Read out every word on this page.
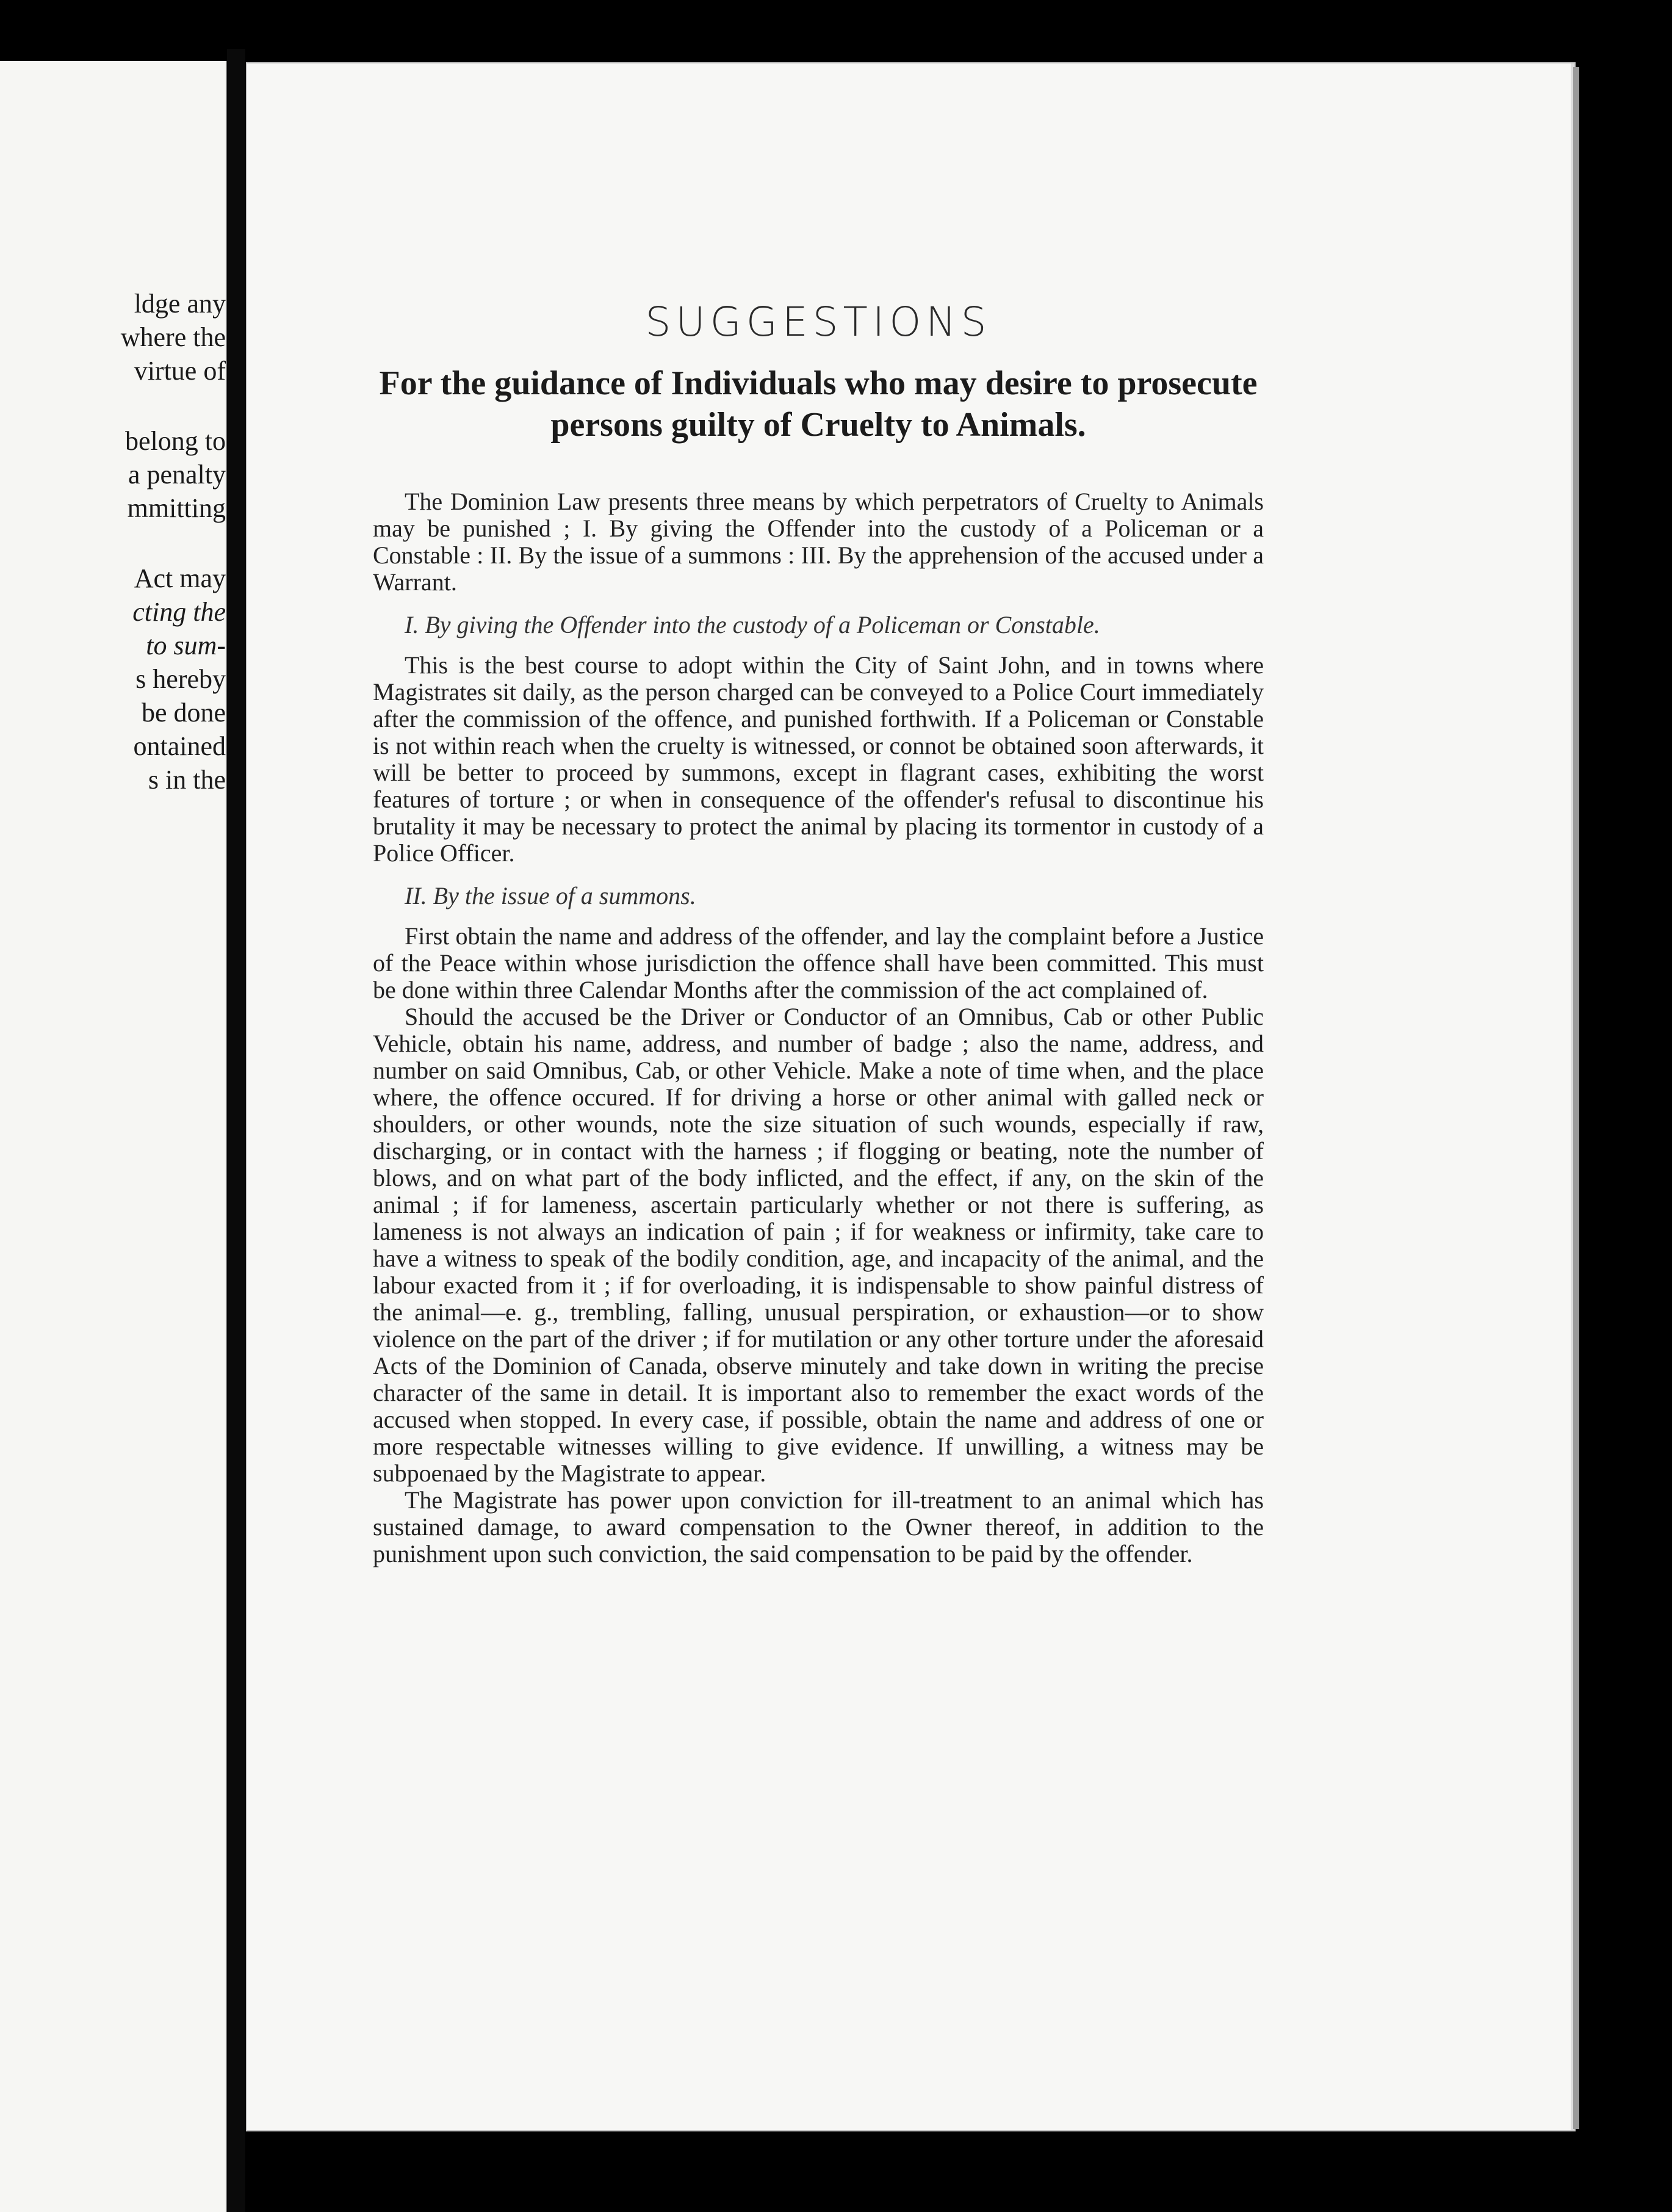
ldge any
where the
virtue of
belong to
a penalty
mmitting
Act may
cting the
to sum-
s hereby
be done
ontained
s in the
SUGGESTIONS
For the guidance of Individuals who may desire to prosecute persons guilty of Cruelty to Animals.

The Dominion Law presents three means by which perpetrators of Cruelty to Animals may be punished ; I. By giving the Offender into the custody of a Policeman or a Constable : II. By the issue of a summons : III. By the apprehension of the accused under a Warrant.

I. By giving the Offender into the custody of a Policeman or Constable.

This is the best course to adopt within the City of Saint John, and in towns where Magistrates sit daily, as the person charged can be conveyed to a Police Court immediately after the commission of the offence, and punished forthwith. If a Policeman or Constable is not within reach when the cruelty is witnessed, or connot be obtained soon afterwards, it will be better to proceed by summons, except in flagrant cases, exhibiting the worst features of torture ; or when in consequence of the offender's refusal to discontinue his brutality it may be necessary to protect the animal by placing its tormentor in custody of a Police Officer.

II. By the issue of a summons.

First obtain the name and address of the offender, and lay the complaint before a Justice of the Peace within whose jurisdiction the offence shall have been committed. This must be done within three Calendar Months after the commission of the act complained of.

Should the accused be the Driver or Conductor of an Omnibus, Cab or other Public Vehicle, obtain his name, address, and number of badge ; also the name, address, and number on said Omnibus, Cab, or other Vehicle. Make a note of time when, and the place where, the offence occured. If for driving a horse or other animal with galled neck or shoulders, or other wounds, note the size situation of such wounds, especially if raw, discharging, or in contact with the harness ; if flogging or beating, note the number of blows, and on what part of the body inflicted, and the effect, if any, on the skin of the animal ; if for lameness, ascertain particularly whether or not there is suffering, as lameness is not always an indication of pain ; if for weakness or infirmity, take care to have a witness to speak of the bodily condition, age, and incapacity of the animal, and the labour exacted from it ; if for overloading, it is indispensable to show painful distress of the animal—e. g., trembling, falling, unusual perspiration, or exhaustion—or to show violence on the part of the driver ; if for mutilation or any other torture under the aforesaid Acts of the Dominion of Canada, observe minutely and take down in writing the precise character of the same in detail. It is important also to remember the exact words of the accused when stopped. In every case, if possible, obtain the name and address of one or more respectable witnesses willing to give evidence. If unwilling, a witness may be subpoenaed by the Magistrate to appear.

The Magistrate has power upon conviction for ill-treatment to an animal which has sustained damage, to award compensation to the Owner thereof, in addition to the punishment upon such conviction, the said compensation to be paid by the offender.
